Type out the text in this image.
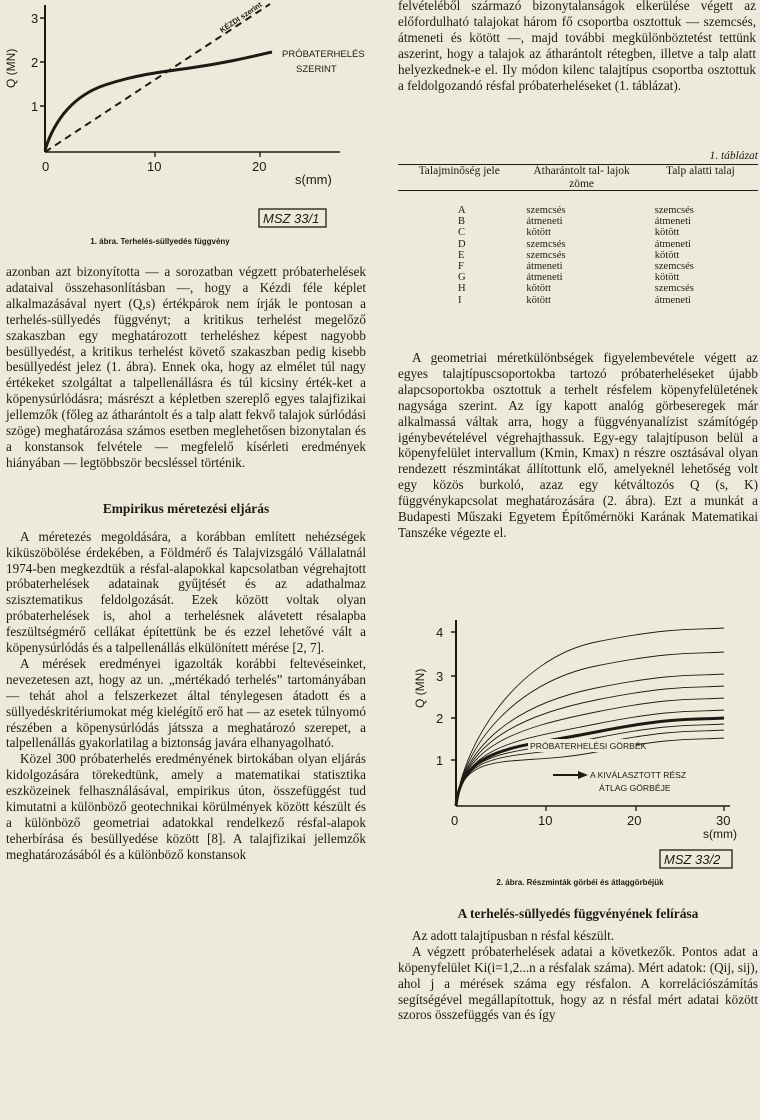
3
2
1
Q (MN)
0	10	20
s(mm)
KÉZDI szerint
PRÓBATERHELÉS
SZERINT
MSZ 33/1
1. ábra. Terhelés-süllyedés függvény

azonban azt bizonyította — a sorozatban végzett próbaterhelések adataival összehasonlításban —, hogy a Kézdi féle képlet alkalmazásával nyert (Q,s) értékpárok nem írják le pontosan a terhelés-süllyedés függvényt; a kritikus terhelést megelőző szakaszban egy meghatározott terheléshez képest nagyobb besüllyedést, a kritikus terhelést követő szakaszban pedig kisebb besüllyedést jelez (1. ábra). Ennek oka, hogy az elmélet túl nagy értékeket szolgáltat a talpellenállásra és túl kicsiny érték-ket a köpenysúrlódásra; másrészt a képletben szereplő egyes talajfizikai jellemzők (főleg az átharántolt és a talp alatt fekvő talajok súrlódási szöge) meghatározása számos esetben meglehetősen bizonytalan és a konstansok felvétele — megfelelő kísérleti eredmények hiányában — legtöbbször becsléssel történik.

Empirikus méretezési eljárás

A méretezés megoldására, a korábban említett nehézségek kiküszöbölése érdekében, a Földmérő és Talajvizsgáló Vállalatnál 1974-ben megkezdtük a résfal-alapokkal kapcsolatban végrehajtott próbaterhelések adatainak gyűjtését és az adathalmaz szisztematikus feldolgozását. Ezek között voltak olyan próbaterhelések is, ahol a terhelésnek alávetett résalapba feszültségmérő cellákat építettünk be és ezzel lehetővé vált a köpenysúrlódás és a talpellenállás elkülönített mérése [2, 7].

A mérések eredményei igazolták korábbi feltevéseinket, nevezetesen azt, hogy az un. „mértékadó terhelés” tartományában — tehát ahol a felszerkezet által ténylegesen átadott és a süllyedéskritériumokat még kielégítő erő hat — az esetek túlnyomó részében a köpenysúrlódás játssza a meghatározó szerepet, a talpellenállás gyakorlatilag a biztonság javára elhanyagolható.

Közel 300 próbaterhelés eredményének birtokában olyan eljárás kidolgozására törekedtünk, amely a matematikai statisztika eszközeinek felhasználásával, empirikus úton, összefüggést tud kimutatni a különböző geotechnikai körülmények között készült és a különböző geometriai adatokkal rendelkező résfal-alapok teherbírása és besüllyedése között [8]. A talajfizikai jellemzők meghatározásából és a különböző konstansok

felvételéből származó bizonytalanságok elkerülése végett az előfordulható talajokat három fő csoportba osztottuk — szemcsés, átmeneti és kötött —, majd további megkülönböztetést tettünk aszerint, hogy a talajok az átharántolt rétegben, illetve a talp alatt helyezkednek-e el. Ily módon kilenc talajtípus csoportba osztottuk a feldolgozandó résfal próbaterheléseket (1. táblázat).

1. táblázat
Talajminőség jele	Átharántolt tal- lajok zöme	Talp alatti talaj
A	szemcsés	szemcsés
B	átmeneti	átmeneti
C	kötött	kötött
D	szemcsés	átmeneti
E	szemcsés	kötött
F	átmeneti	szemcsés
G	átmeneti	kötött
H	kötött	szemcsés
I	kötött	átmeneti

A geometriai méretkülönbségek figyelembevétele végett az egyes talajtípuscsoportokba tartozó próbaterheléseket újabb alapcsoportokba osztottuk a terhelt résfelem köpenyfelületének nagysága szerint. Az így kapott analóg görbeseregek már alkalmassá váltak arra, hogy a függvényanalízist számítógép igénybevételével végrehajthassuk. Egy-egy talajtípuson belül a köpenyfelület intervallum (Kmin, Kmax) n részre osztásával olyan rendezett részmintákat állítottunk elő, amelyeknél lehetőség volt egy közös burkoló, azaz egy kétváltozós Q (s, K) függvénykapcsolat meghatározására (2. ábra). Ezt a munkát a Budapesti Műszaki Egyetem Építőmérnöki Karának Matematikai Tanszéke végezte el.

4
3
2
1
Q (MN)
0	10	20	30
s(mm)
PRÓBATERHELÉSI GÖRBÉK
A KIVÁLASZTOTT RÉSZ
ÁTLAG GÖRBÉJE
MSZ 33/2
2. ábra. Részminták görbéi és átlaggörbéjük

A terhelés-süllyedés függvényének felírása

Az adott talajtípusban n résfal készült.

A végzett próbaterhelések adatai a következők. Pontos adat a köpenyfelület Ki(i=1,2...n a résfalak száma). Mért adatok: (Qij, sij), ahol j a mérések száma egy résfalon. A korrelációszámítás segítségével megállapítottuk, hogy az n résfal mért adatai között szoros összefüggés van és így
